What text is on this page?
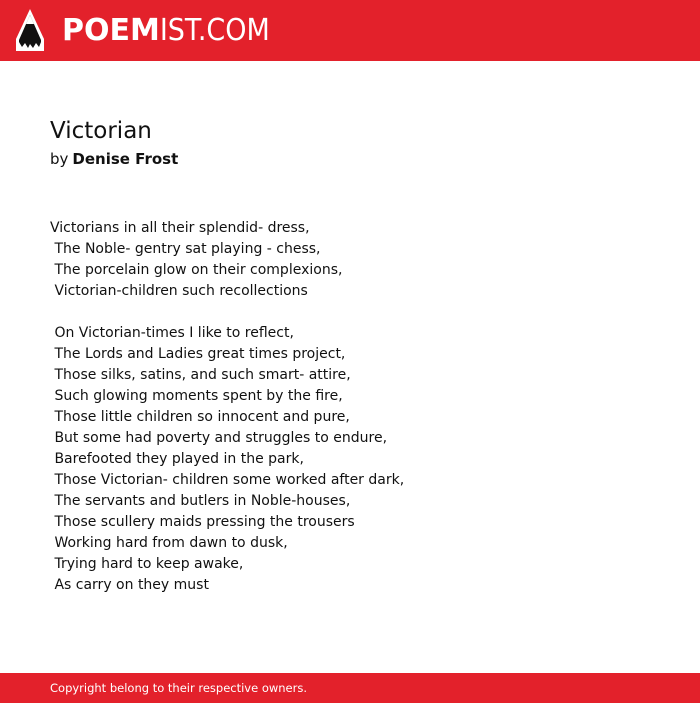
POEMIST.COM
Victorian
by Denise Frost
Victorians in all their splendid- dress,
The Noble- gentry sat playing - chess,
The porcelain glow on their complexions,
Victorian-children such recollections
On Victorian-times I like to reflect,
The Lords and Ladies great times project,
Those silks, satins, and such smart- attire,
Such glowing moments spent by the fire,
Those little children so innocent and pure,
But some had poverty and struggles to endure,
Barefooted they played in the park,
Those Victorian- children some worked after dark,
The servants and butlers in Noble-houses,
Those scullery maids pressing the trousers
Working hard from dawn to dusk,
Trying hard to keep awake,
As carry on they must
Copyright belong to their respective owners.
